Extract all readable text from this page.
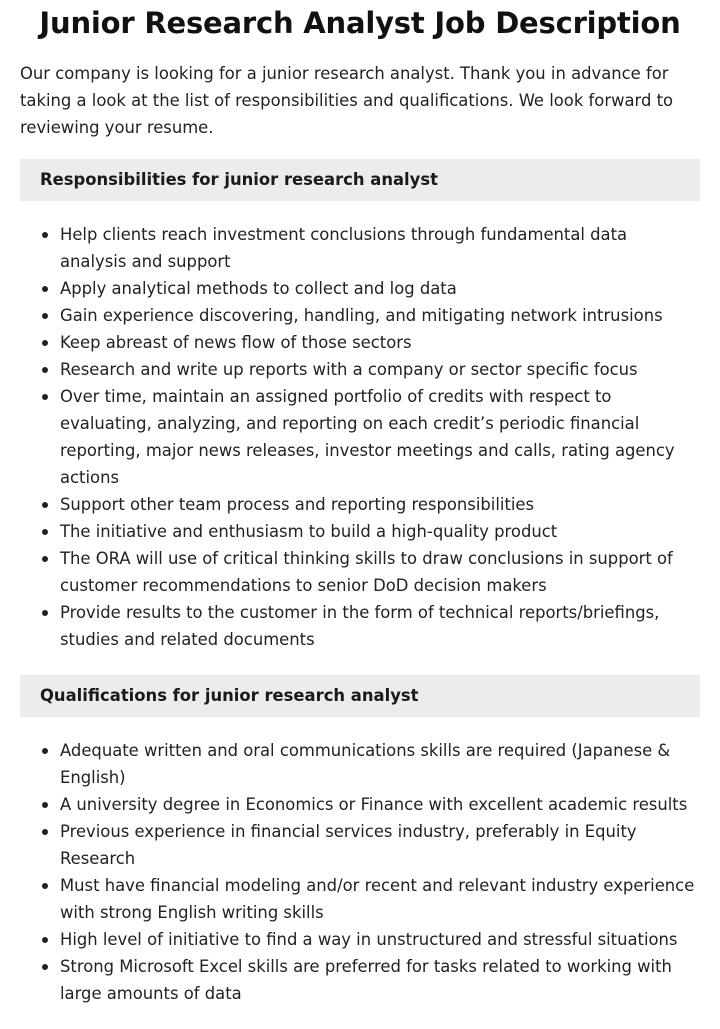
Junior Research Analyst Job Description

Our company is looking for a junior research analyst. Thank you in advance for taking a look at the list of responsibilities and qualifications. We look forward to reviewing your resume.

Responsibilities for junior research analyst
Help clients reach investment conclusions through fundamental data analysis and support
Apply analytical methods to collect and log data
Gain experience discovering, handling, and mitigating network intrusions
Keep abreast of news flow of those sectors
Research and write up reports with a company or sector specific focus
Over time, maintain an assigned portfolio of credits with respect to evaluating, analyzing, and reporting on each credit’s periodic financial reporting, major news releases, investor meetings and calls, rating agency actions
Support other team process and reporting responsibilities
The initiative and enthusiasm to build a high-quality product
The ORA will use of critical thinking skills to draw conclusions in support of customer recommendations to senior DoD decision makers
Provide results to the customer in the form of technical reports/briefings, studies and related documents
Qualifications for junior research analyst
Adequate written and oral communications skills are required (Japanese & English)
A university degree in Economics or Finance with excellent academic results
Previous experience in financial services industry, preferably in Equity Research
Must have financial modeling and/or recent and relevant industry experience with strong English writing skills
High level of initiative to find a way in unstructured and stressful situations
Strong Microsoft Excel skills are preferred for tasks related to working with large amounts of data
